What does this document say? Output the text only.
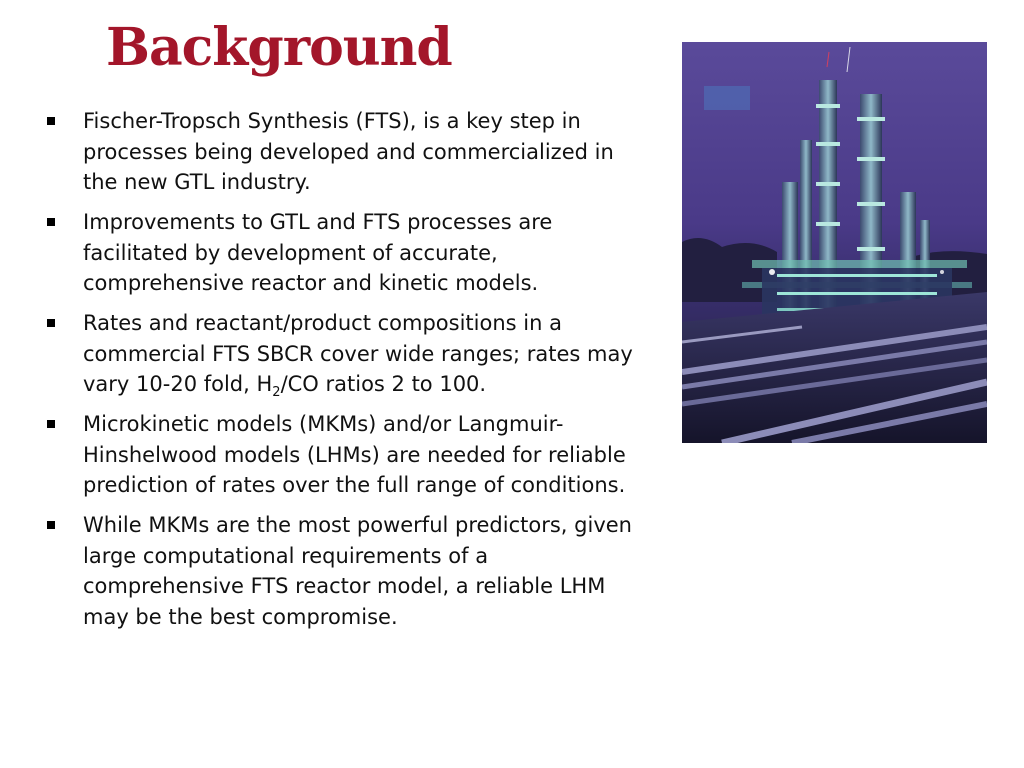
Background
Fischer-Tropsch Synthesis (FTS), is a key step in processes being developed and commercialized in the new GTL industry.
Improvements to GTL and FTS processes are facilitated by development of accurate, comprehensive reactor and kinetic models.
Rates and reactant/product compositions in a commercial FTS SBCR cover wide ranges; rates may vary 10-20 fold, $H_2/CO$ ratios 2 to 100.
Microkinetic models (MKMs) and/or Langmuir-Hinshelwood models (LHMs) are needed for reliable prediction of rates over the full range of conditions.
While MKMs are the most powerful predictors, given large computational requirements of a comprehensive FTS reactor model, a reliable LHM may be the best compromise.
